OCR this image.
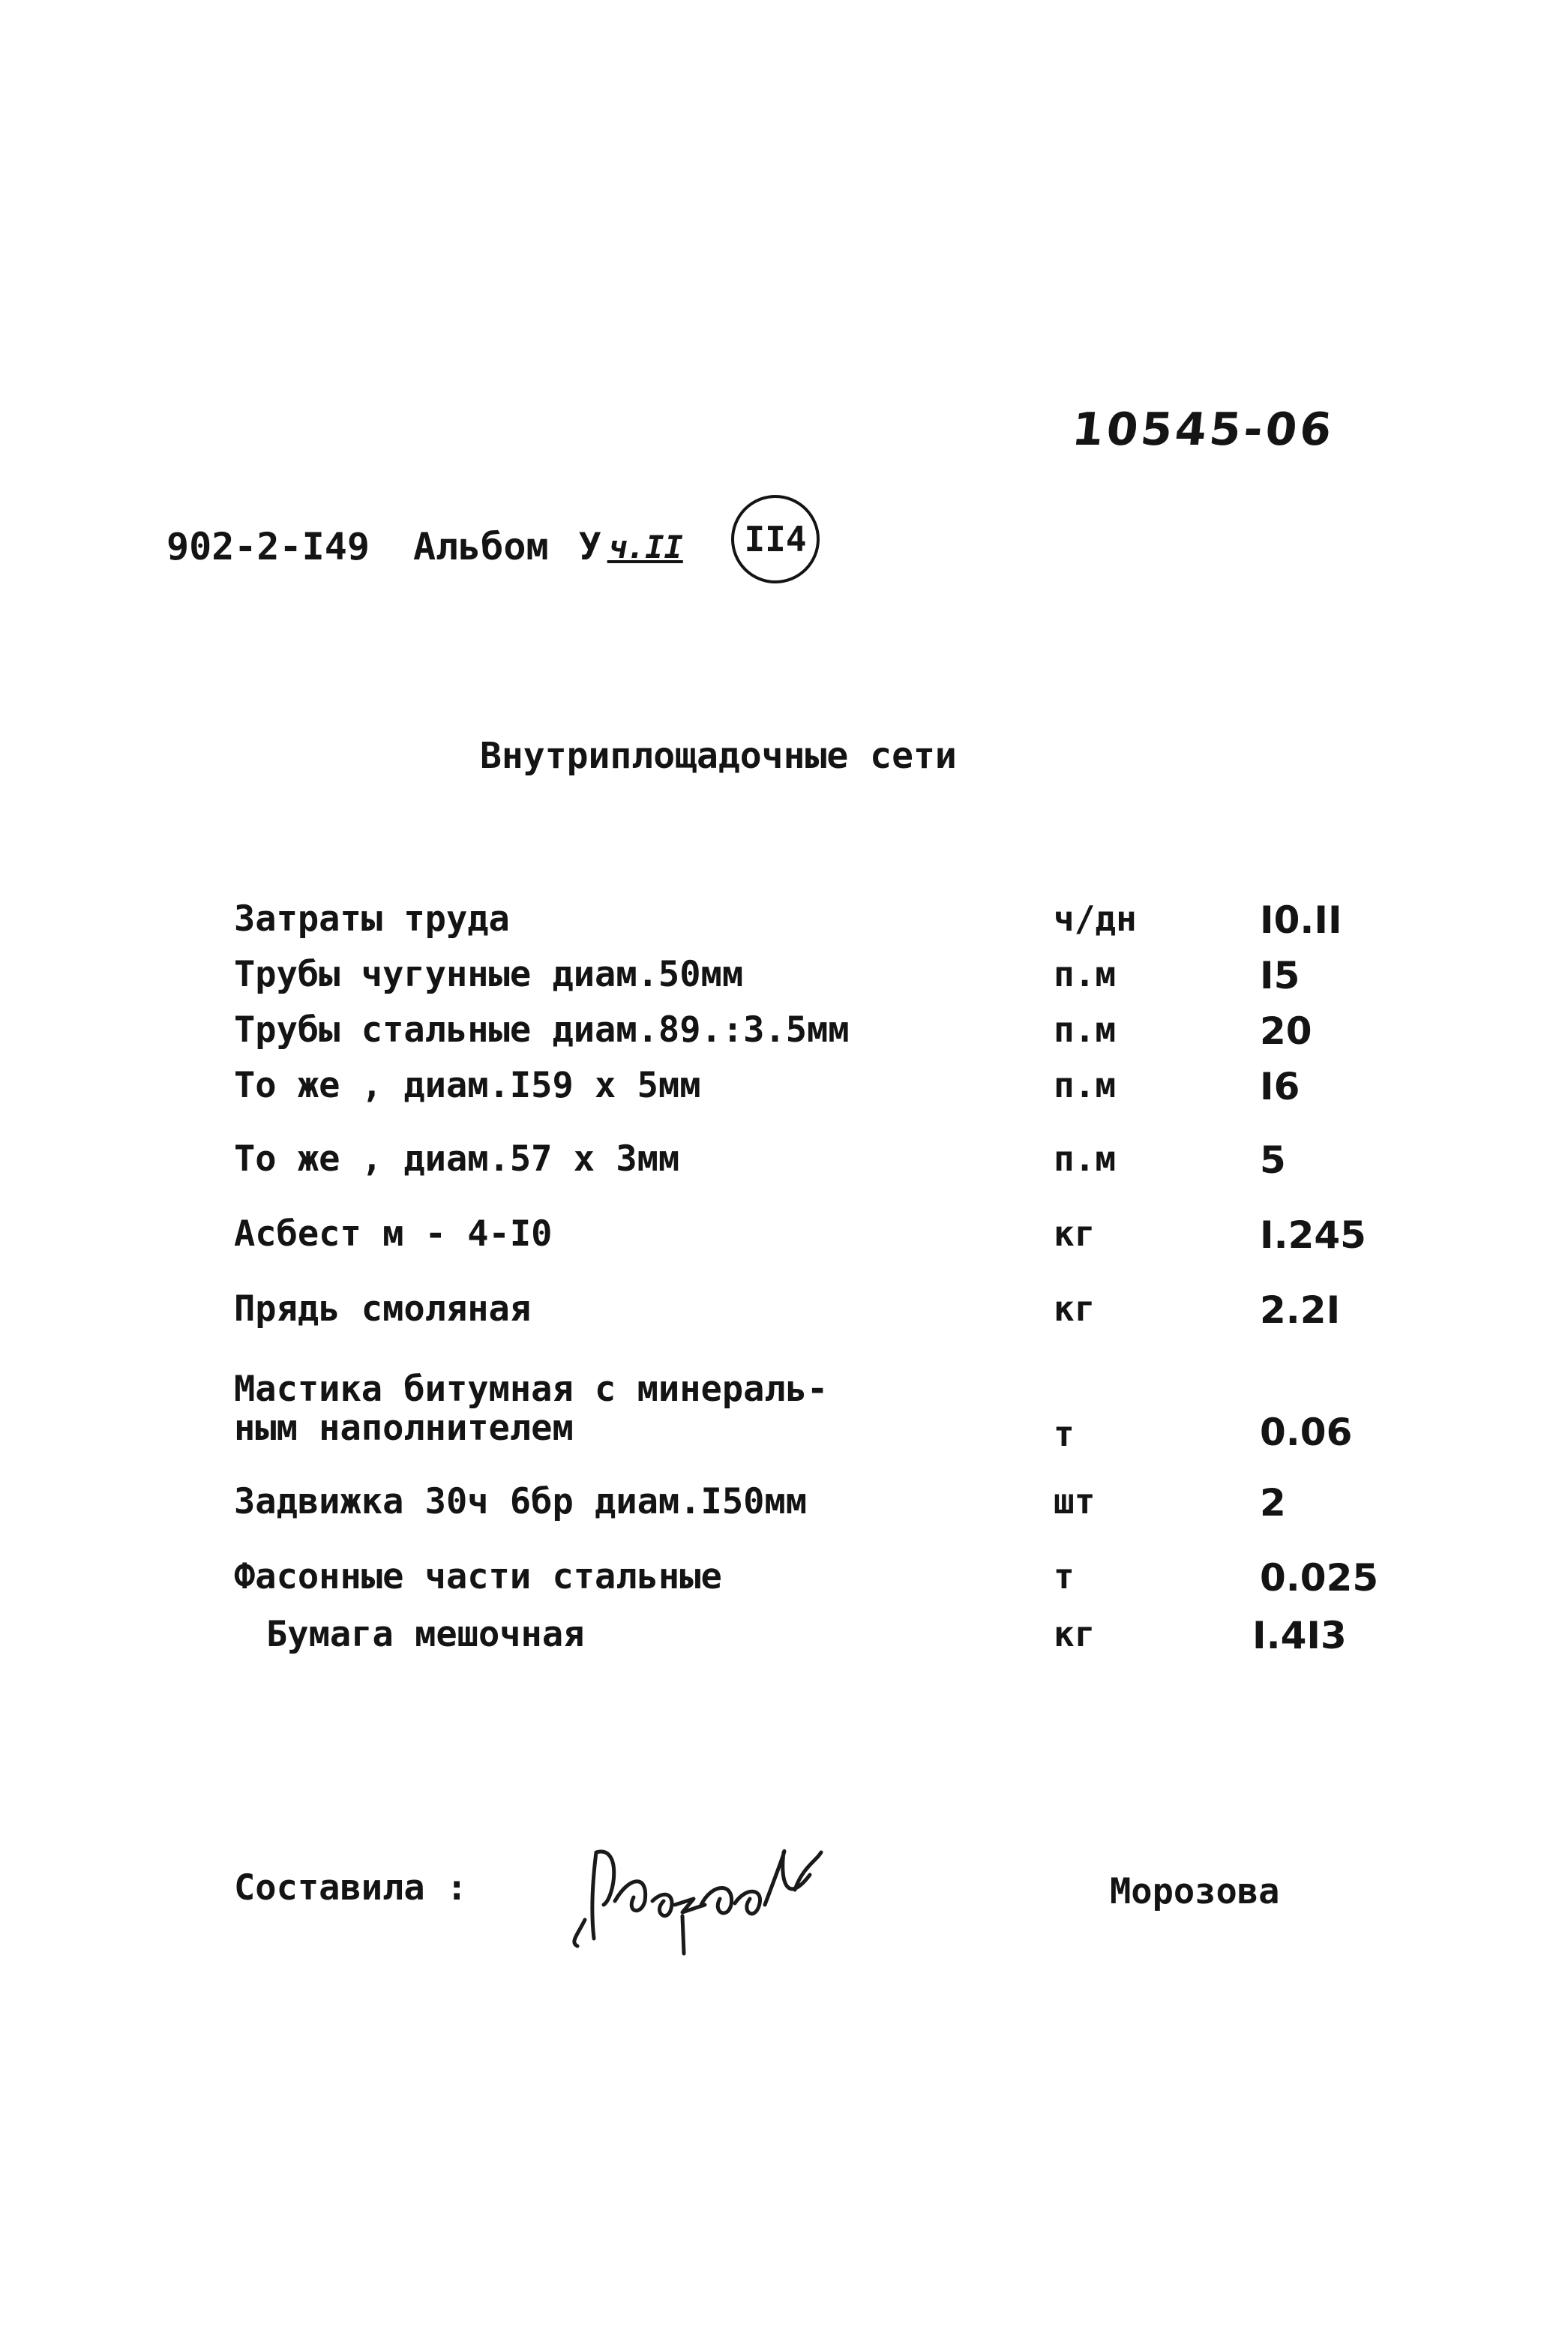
10545-06
902-2-I49 Альбом У ч.II II4
Внутриплощадочные сети
Затраты труда	ч/дн	I0.II
Трубы чугунные диам.50мм	п.м	I5
Трубы стальные диам.89.:3.5мм	п.м	20
То же , диам.I59 x 5мм	п.м	I6
То же , диам.57 x 3мм	п.м	5
Асбест м - 4-I0	кг	I.245
Прядь смоляная	кг	2.2I
Мастика битумная с минераль-
ным наполнителем	т	0.06
Задвижка 30ч 6бр диам.I50мм	шт	2
Фасонные части стальные	т	0.025
Бумага мешочная	кг	I.4I3
Составила :	Морозова
